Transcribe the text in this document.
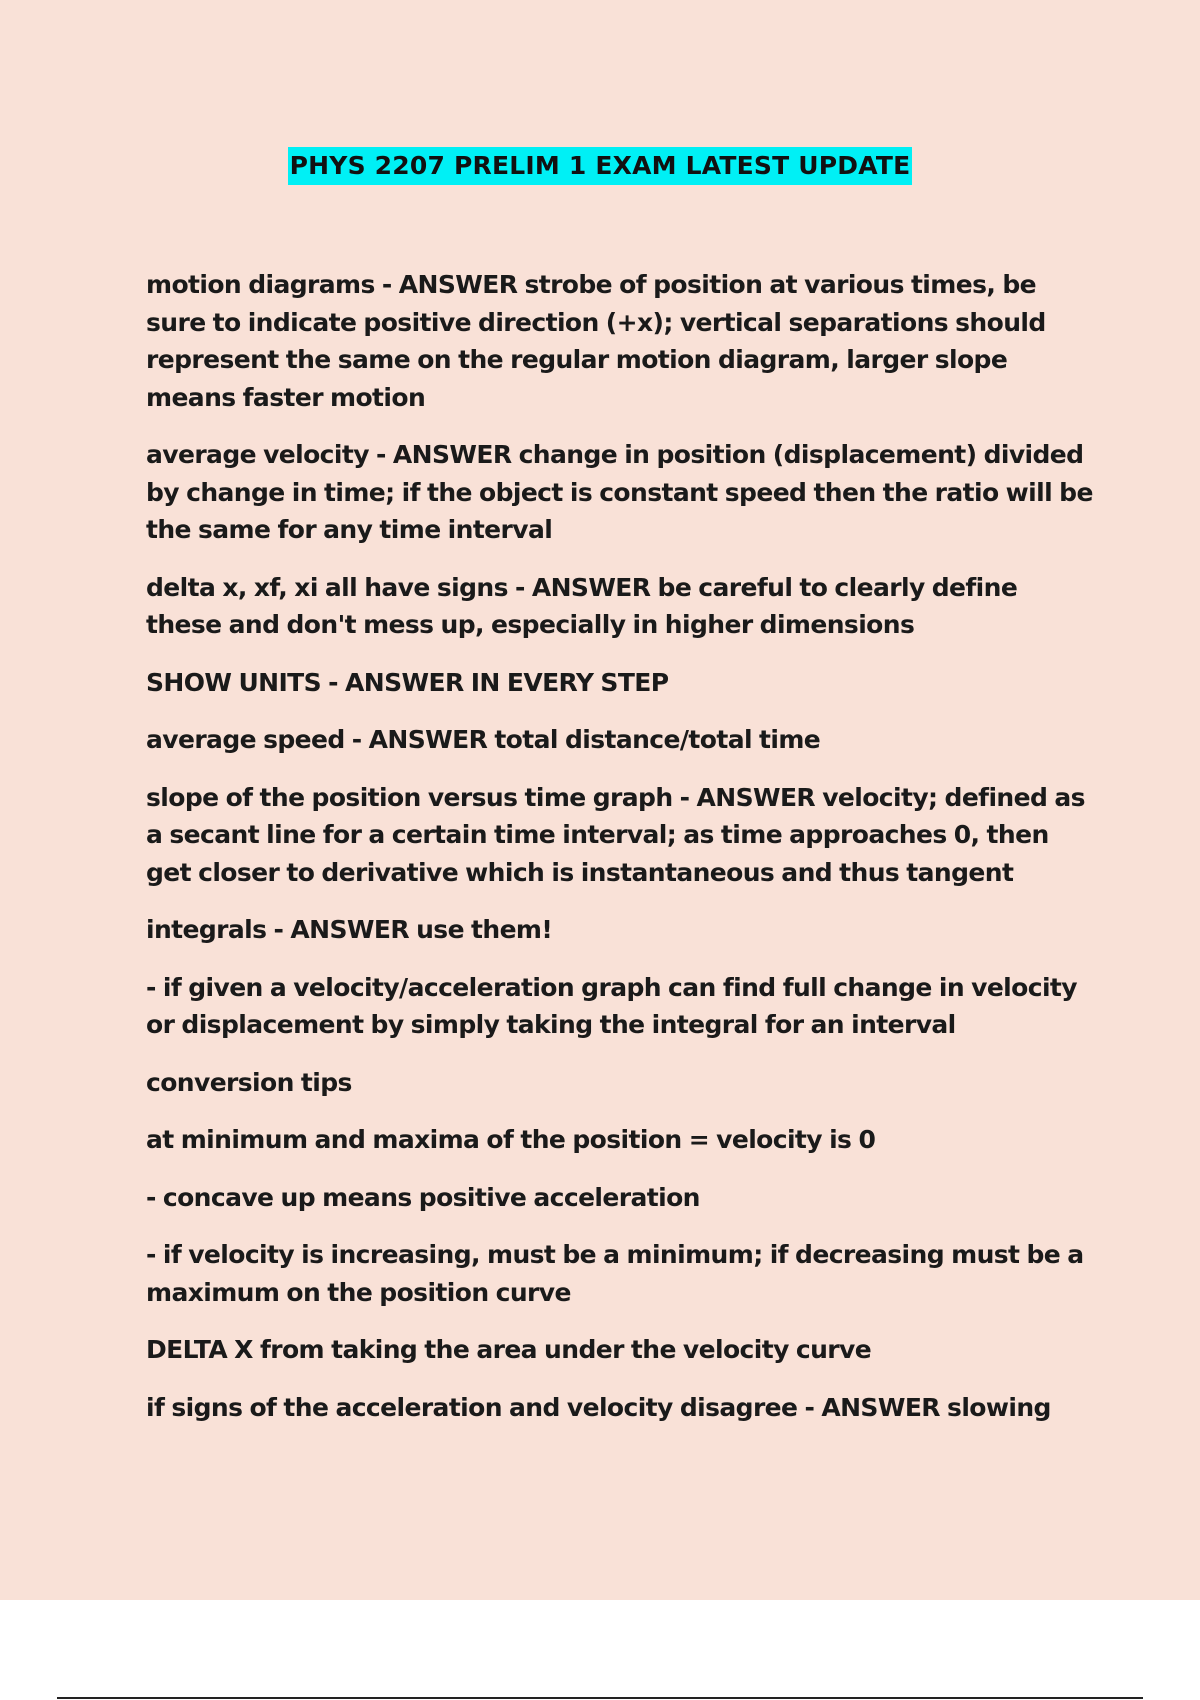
PHYS 2207 PRELIM 1 EXAM LATEST UPDATE

motion diagrams - ANSWER strobe of position at various times, be sure to indicate positive direction (+x); vertical separations should represent the same on the regular motion diagram, larger slope means faster motion

average velocity - ANSWER change in position (displacement) divided by change in time; if the object is constant speed then the ratio will be the same for any time interval

delta x, xf, xi all have signs - ANSWER be careful to clearly define these and don't mess up, especially in higher dimensions

SHOW UNITS - ANSWER IN EVERY STEP

average speed - ANSWER total distance/total time

slope of the position versus time graph - ANSWER velocity; defined as a secant line for a certain time interval; as time approaches 0, then get closer to derivative which is instantaneous and thus tangent

integrals - ANSWER use them!

- if given a velocity/acceleration graph can find full change in velocity or displacement by simply taking the integral for an interval

conversion tips

at minimum and maxima of the position = velocity is 0

- concave up means positive acceleration

- if velocity is increasing, must be a minimum; if decreasing must be a maximum on the position curve

DELTA X from taking the area under the velocity curve

if signs of the acceleration and velocity disagree - ANSWER slowing
